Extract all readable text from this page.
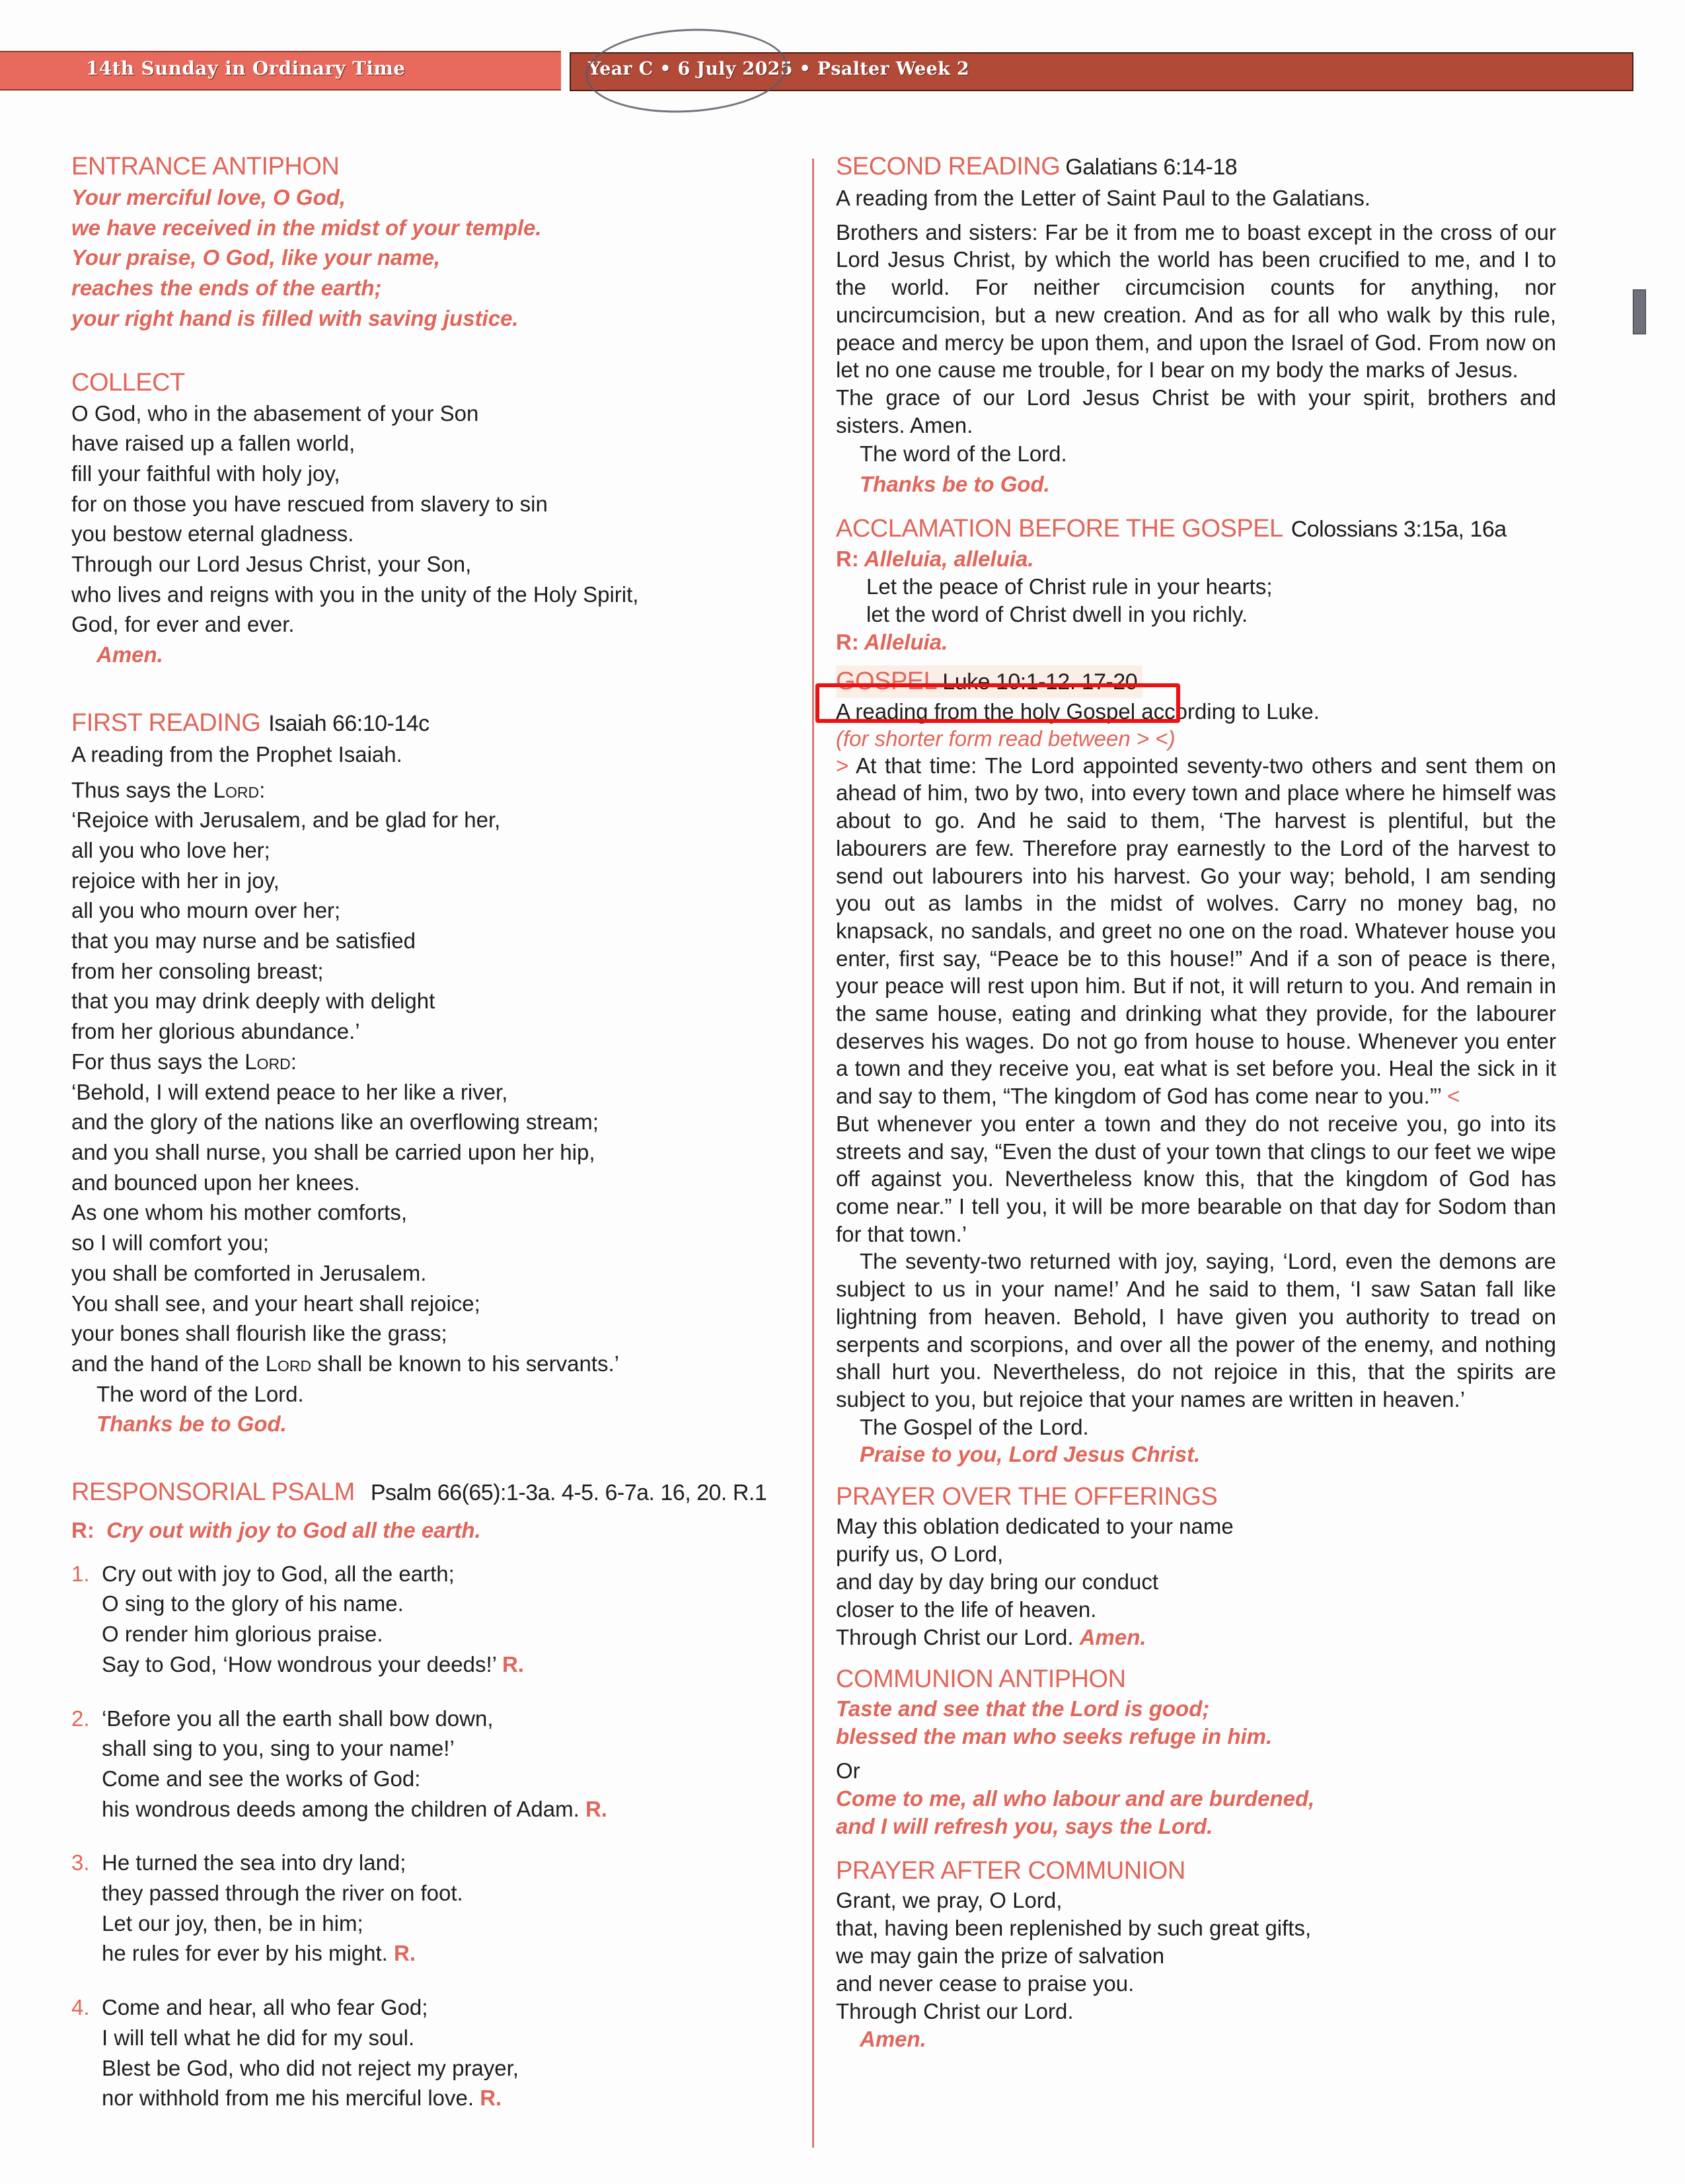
14th Sunday in Ordinary Time	Year C • 6 July 2025 • Psalter Week 2
ENTRANCE ANTIPHON
Your merciful love, O God,
we have received in the midst of your temple.
Your praise, O God, like your name,
reaches the ends of the earth;
your right hand is filled with saving justice.
COLLECT
O God, who in the abasement of your Son
have raised up a fallen world,
fill your faithful with holy joy,
for on those you have rescued from slavery to sin
you bestow eternal gladness.
Through our Lord Jesus Christ, your Son,
who lives and reigns with you in the unity of the Holy Spirit,
God, for ever and ever.
Amen.
FIRST READING Isaiah 66:10-14c
A reading from the Prophet Isaiah.
Thus says the Lord:
‘Rejoice with Jerusalem, and be glad for her,
all you who love her;
rejoice with her in joy,
all you who mourn over her;
that you may nurse and be satisfied
from her consoling breast;
that you may drink deeply with delight
from her glorious abundance.’
For thus says the Lord:
‘Behold, I will extend peace to her like a river,
and the glory of the nations like an overflowing stream;
and you shall nurse, you shall be carried upon her hip,
and bounced upon her knees.
As one whom his mother comforts,
so I will comfort you;
you shall be comforted in Jerusalem.
You shall see, and your heart shall rejoice;
your bones shall flourish like the grass;
and the hand of the Lord shall be known to his servants.’
The word of the Lord.
Thanks be to God.
RESPONSORIAL PSALM Psalm 66(65):1-3a. 4-5. 6-7a. 16, 20. R.1
R: Cry out with joy to God all the earth.
1. Cry out with joy to God, all the earth;
O sing to the glory of his name.
O render him glorious praise.
Say to God, ‘How wondrous your deeds!’ R.
2. ‘Before you all the earth shall bow down,
shall sing to you, sing to your name!’
Come and see the works of God:
his wondrous deeds among the children of Adam. R.
3. He turned the sea into dry land;
they passed through the river on foot.
Let our joy, then, be in him;
he rules for ever by his might. R.
4. Come and hear, all who fear God;
I will tell what he did for my soul.
Blest be God, who did not reject my prayer,
nor withhold from me his merciful love. R.
SECOND READING Galatians 6:14-18
A reading from the Letter of Saint Paul to the Galatians.
Brothers and sisters: Far be it from me to boast except in the cross of our Lord Jesus Christ, by which the world has been crucified to me, and I to the world. For neither circumcision counts for anything, nor uncircumcision, but a new creation. And as for all who walk by this rule, peace and mercy be upon them, and upon the Israel of God. From now on let no one cause me trouble, for I bear on my body the marks of Jesus.
The grace of our Lord Jesus Christ be with your spirit, brothers and sisters. Amen.
The word of the Lord.
Thanks be to God.
ACCLAMATION BEFORE THE GOSPEL Colossians 3:15a, 16a
R: Alleluia, alleluia.
Let the peace of Christ rule in your hearts;
let the word of Christ dwell in you richly.
R: Alleluia.
GOSPEL Luke 10:1-12. 17-20
A reading from the holy Gospel according to Luke.
(for shorter form read between > <)
> At that time: The Lord appointed seventy-two others and sent them on ahead of him, two by two, into every town and place where he himself was about to go. And he said to them, ‘The harvest is plentiful, but the labourers are few. Therefore pray earnestly to the Lord of the harvest to send out labourers into his harvest. Go your way; behold, I am sending you out as lambs in the midst of wolves. Carry no money bag, no knapsack, no sandals, and greet no one on the road. Whatever house you enter, first say, “Peace be to this house!” And if a son of peace is there, your peace will rest upon him. But if not, it will return to you. And remain in the same house, eating and drinking what they provide, for the labourer deserves his wages. Do not go from house to house. Whenever you enter a town and they receive you, eat what is set before you. Heal the sick in it and say to them, “The kingdom of God has come near to you.”’ <
But whenever you enter a town and they do not receive you, go into its streets and say, “Even the dust of your town that clings to our feet we wipe off against you. Nevertheless know this, that the kingdom of God has come near.” I tell you, it will be more bearable on that day for Sodom than for that town.’
The seventy-two returned with joy, saying, ‘Lord, even the demons are subject to us in your name!’ And he said to them, ‘I saw Satan fall like lightning from heaven. Behold, I have given you authority to tread on serpents and scorpions, and over all the power of the enemy, and nothing shall hurt you. Nevertheless, do not rejoice in this, that the spirits are subject to you, but rejoice that your names are written in heaven.’
The Gospel of the Lord.
Praise to you, Lord Jesus Christ.
PRAYER OVER THE OFFERINGS
May this oblation dedicated to your name
purify us, O Lord,
and day by day bring our conduct
closer to the life of heaven.
Through Christ our Lord. Amen.
COMMUNION ANTIPHON
Taste and see that the Lord is good;
blessed the man who seeks refuge in him.
Or
Come to me, all who labour and are burdened,
and I will refresh you, says the Lord.
PRAYER AFTER COMMUNION
Grant, we pray, O Lord,
that, having been replenished by such great gifts,
we may gain the prize of salvation
and never cease to praise you.
Through Christ our Lord.
Amen.
